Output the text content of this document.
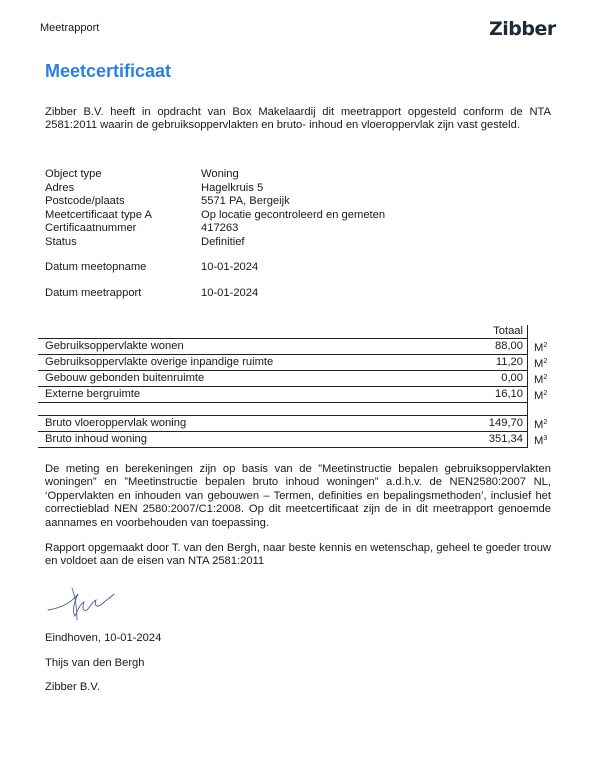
Meetrapport	Zibber
Meetcertificaat
Zibber B.V. heeft in opdracht van Box Makelaardij dit meetrapport opgesteld conform de NTA 2581:2011 waarin de gebruiksoppervlakten en bruto- inhoud en vloeroppervlak zijn vast gesteld.
Object type	Woning
Adres	Hagelkruis 5
Postcode/plaats	5571 PA, Bergeijk
Meetcertificaat type A	Op locatie gecontroleerd en gemeten
Certificaatnummer	417263
Status	Definitief
Datum meetopname	10-01-2024
Datum meetrapport	10-01-2024
		Totaal	
Gebruiksoppervlakte wonen		88,00	$M^2$
Gebruiksoppervlakte overige inpandige ruimte		11,20	$M^2$
Gebouw gebonden buitenruimte		0,00	$M^2$
Externe bergruimte		16,10	$M^2$

Bruto vloeroppervlak woning		149,70	$M^2$
Bruto inhoud woning		351,34	$M^3$
De meting en berekeningen zijn op basis van de ”Meetinstructie bepalen gebruiksoppervlakten woningen” en ”Meetinstructie bepalen bruto inhoud woningen” a.d.h.v. de NEN2580:2007 NL, ‘Oppervlakten en inhouden van gebouwen – Termen, definities en bepalingsmethoden’, inclusief het correctieblad NEN 2580:2007/C1:2008. Op dit meetcertificaat zijn de in dit meetrapport genoemde aannames en voorbehouden van toepassing.
Rapport opgemaakt door T. van den Bergh, naar beste kennis en wetenschap, geheel te goeder trouw en voldoet aan de eisen van NTA 2581:2011
Eindhoven, 10-01-2024
Thijs van den Bergh
Zibber B.V.
